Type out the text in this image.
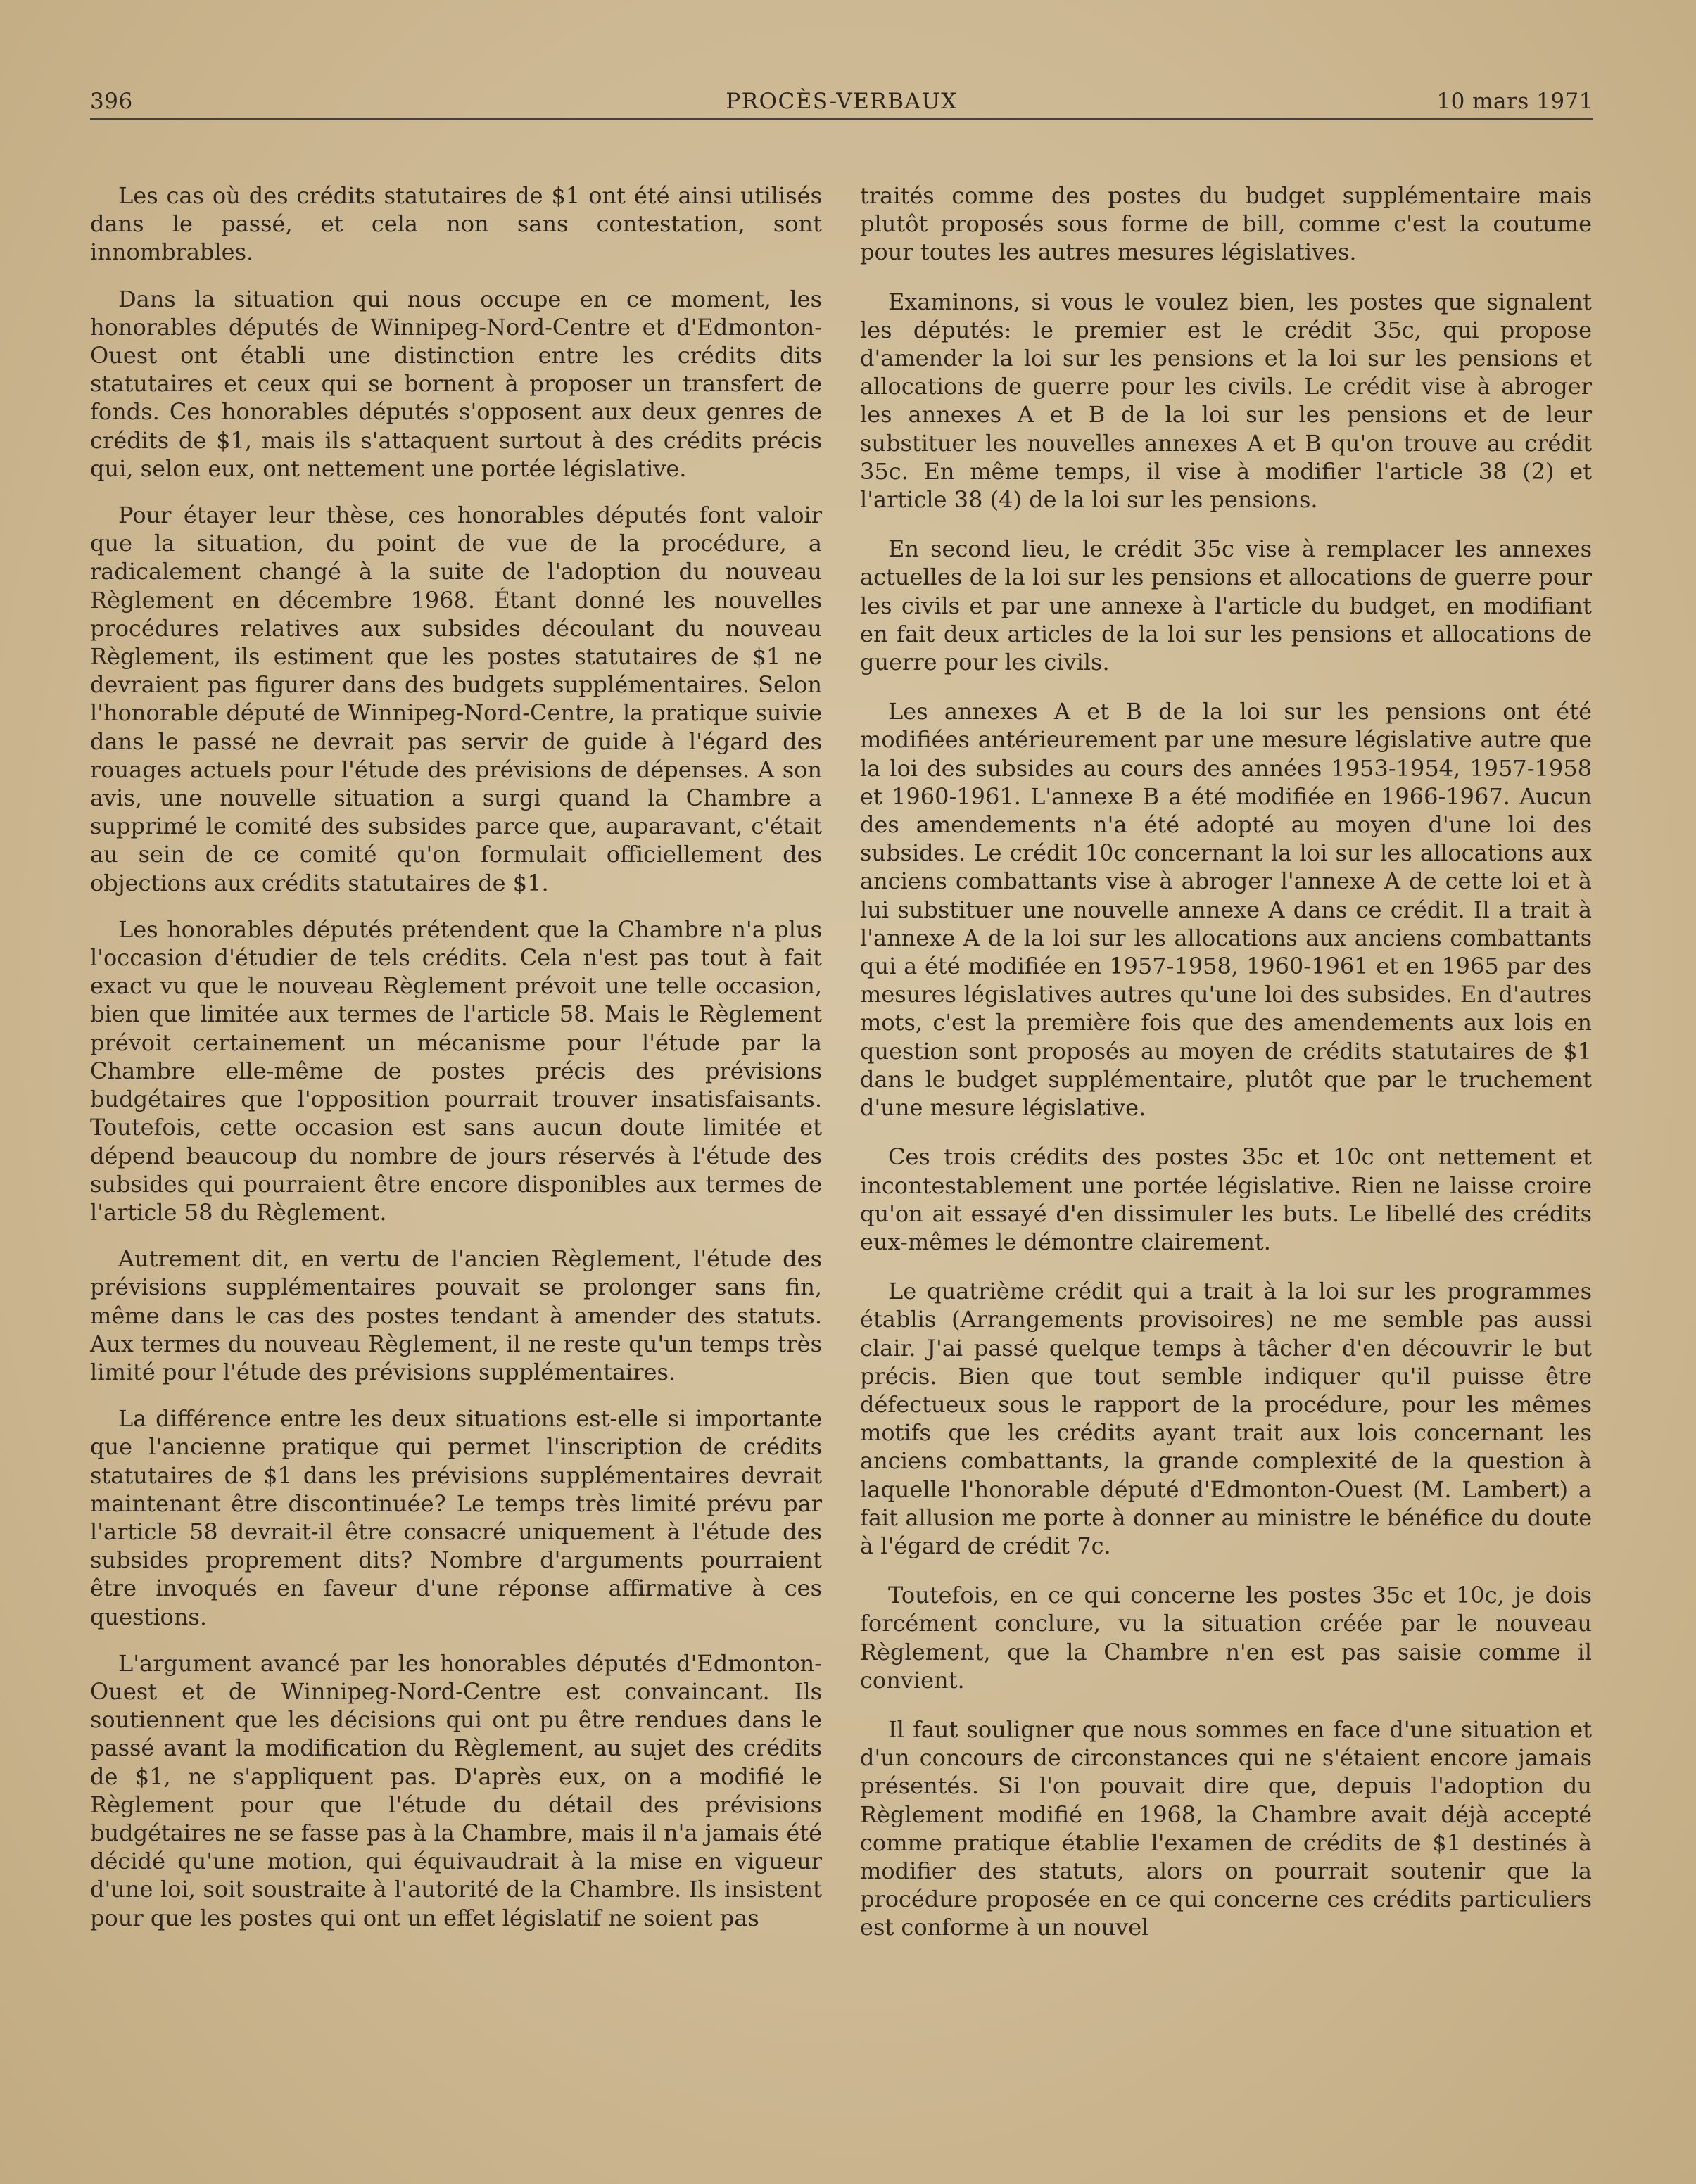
396	PROCÈS-VERBAUX	10 mars 1971

Les cas où des crédits statutaires de $1 ont été ainsi utilisés dans le passé, et cela non sans contestation, sont innombrables.

Dans la situation qui nous occupe en ce moment, les honorables députés de Winnipeg-Nord-Centre et d'Edmonton-Ouest ont établi une distinction entre les crédits dits statutaires et ceux qui se bornent à proposer un transfert de fonds. Ces honorables députés s'opposent aux deux genres de crédits de $1, mais ils s'attaquent surtout à des crédits précis qui, selon eux, ont nettement une portée législative.

Pour étayer leur thèse, ces honorables députés font valoir que la situation, du point de vue de la procédure, a radicalement changé à la suite de l'adoption du nouveau Règlement en décembre 1968. Étant donné les nouvelles procédures relatives aux subsides découlant du nouveau Règlement, ils estiment que les postes statutaires de $1 ne devraient pas figurer dans des budgets supplémentaires. Selon l'honorable député de Winnipeg-Nord-Centre, la pratique suivie dans le passé ne devrait pas servir de guide à l'égard des rouages actuels pour l'étude des prévisions de dépenses. A son avis, une nouvelle situation a surgi quand la Chambre a supprimé le comité des subsides parce que, auparavant, c'était au sein de ce comité qu'on formulait officiellement des objections aux crédits statutaires de $1.

Les honorables députés prétendent que la Chambre n'a plus l'occasion d'étudier de tels crédits. Cela n'est pas tout à fait exact vu que le nouveau Règlement prévoit une telle occasion, bien que limitée aux termes de l'article 58. Mais le Règlement prévoit certainement un mécanisme pour l'étude par la Chambre elle-même de postes précis des prévisions budgétaires que l'opposition pourrait trouver insatisfaisants. Toutefois, cette occasion est sans aucun doute limitée et dépend beaucoup du nombre de jours réservés à l'étude des subsides qui pourraient être encore disponibles aux termes de l'article 58 du Règlement.

Autrement dit, en vertu de l'ancien Règlement, l'étude des prévisions supplémentaires pouvait se prolonger sans fin, même dans le cas des postes tendant à amender des statuts. Aux termes du nouveau Règlement, il ne reste qu'un temps très limité pour l'étude des prévisions supplémentaires.

La différence entre les deux situations est-elle si importante que l'ancienne pratique qui permet l'inscription de crédits statutaires de $1 dans les prévisions supplémentaires devrait maintenant être discontinuée? Le temps très limité prévu par l'article 58 devrait-il être consacré uniquement à l'étude des subsides proprement dits? Nombre d'arguments pourraient être invoqués en faveur d'une réponse affirmative à ces questions.

L'argument avancé par les honorables députés d'Edmonton-Ouest et de Winnipeg-Nord-Centre est convaincant. Ils soutiennent que les décisions qui ont pu être rendues dans le passé avant la modification du Règlement, au sujet des crédits de $1, ne s'appliquent pas. D'après eux, on a modifié le Règlement pour que l'étude du détail des prévisions budgétaires ne se fasse pas à la Chambre, mais il n'a jamais été décidé qu'une motion, qui équivaudrait à la mise en vigueur d'une loi, soit soustraite à l'autorité de la Chambre. Ils insistent pour que les postes qui ont un effet législatif ne soient pas

traités comme des postes du budget supplémentaire mais plutôt proposés sous forme de bill, comme c'est la coutume pour toutes les autres mesures législatives.

Examinons, si vous le voulez bien, les postes que signalent les députés: le premier est le crédit 35c, qui propose d'amender la loi sur les pensions et la loi sur les pensions et allocations de guerre pour les civils. Le crédit vise à abroger les annexes A et B de la loi sur les pensions et de leur substituer les nouvelles annexes A et B qu'on trouve au crédit 35c. En même temps, il vise à modifier l'article 38 (2) et l'article 38 (4) de la loi sur les pensions.

En second lieu, le crédit 35c vise à remplacer les annexes actuelles de la loi sur les pensions et allocations de guerre pour les civils et par une annexe à l'article du budget, en modifiant en fait deux articles de la loi sur les pensions et allocations de guerre pour les civils.

Les annexes A et B de la loi sur les pensions ont été modifiées antérieurement par une mesure législative autre que la loi des subsides au cours des années 1953-1954, 1957-1958 et 1960-1961. L'annexe B a été modifiée en 1966-1967. Aucun des amendements n'a été adopté au moyen d'une loi des subsides. Le crédit 10c concernant la loi sur les allocations aux anciens combattants vise à abroger l'annexe A de cette loi et à lui substituer une nouvelle annexe A dans ce crédit. Il a trait à l'annexe A de la loi sur les allocations aux anciens combattants qui a été modifiée en 1957-1958, 1960-1961 et en 1965 par des mesures législatives autres qu'une loi des subsides. En d'autres mots, c'est la première fois que des amendements aux lois en question sont proposés au moyen de crédits statutaires de $1 dans le budget supplémentaire, plutôt que par le truchement d'une mesure législative.

Ces trois crédits des postes 35c et 10c ont nettement et incontestablement une portée législative. Rien ne laisse croire qu'on ait essayé d'en dissimuler les buts. Le libellé des crédits eux-mêmes le démontre clairement.

Le quatrième crédit qui a trait à la loi sur les programmes établis (Arrangements provisoires) ne me semble pas aussi clair. J'ai passé quelque temps à tâcher d'en découvrir le but précis. Bien que tout semble indiquer qu'il puisse être défectueux sous le rapport de la procédure, pour les mêmes motifs que les crédits ayant trait aux lois concernant les anciens combattants, la grande complexité de la question à laquelle l'honorable député d'Edmonton-Ouest (M. Lambert) a fait allusion me porte à donner au ministre le bénéfice du doute à l'égard de crédit 7c.

Toutefois, en ce qui concerne les postes 35c et 10c, je dois forcément conclure, vu la situation créée par le nouveau Règlement, que la Chambre n'en est pas saisie comme il convient.

Il faut souligner que nous sommes en face d'une situation et d'un concours de circonstances qui ne s'étaient encore jamais présentés. Si l'on pouvait dire que, depuis l'adoption du Règlement modifié en 1968, la Chambre avait déjà accepté comme pratique établie l'examen de crédits de $1 destinés à modifier des statuts, alors on pourrait soutenir que la procédure proposée en ce qui concerne ces crédits particuliers est conforme à un nouvel
